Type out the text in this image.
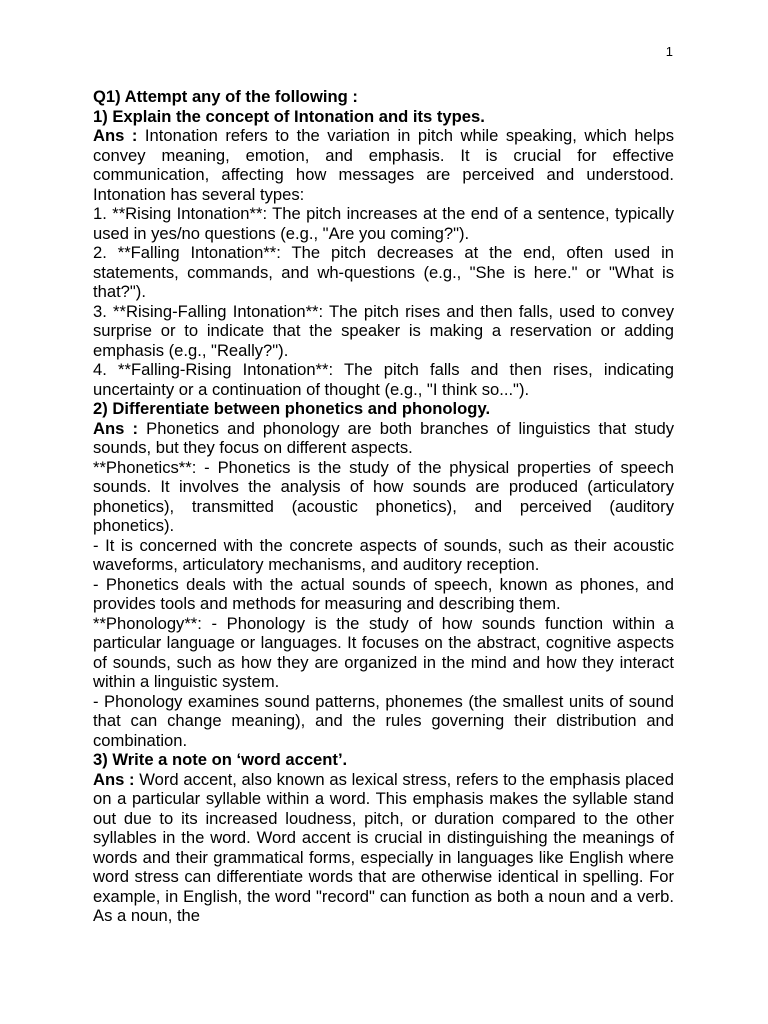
1

Q1) Attempt any of the following :

1) Explain the concept of Intonation and its types.

Ans : Intonation refers to the variation in pitch while speaking, which helps convey meaning, emotion, and emphasis. It is crucial for effective communication, affecting how messages are perceived and understood. Intonation has several types:

1. **Rising Intonation**: The pitch increases at the end of a sentence, typically used in yes/no questions (e.g., "Are you coming?").

2. **Falling Intonation**: The pitch decreases at the end, often used in statements, commands, and wh-questions (e.g., "She is here." or "What is that?").

3. **Rising-Falling Intonation**: The pitch rises and then falls, used to convey surprise or to indicate that the speaker is making a reservation or adding emphasis (e.g., "Really?").

4. **Falling-Rising Intonation**: The pitch falls and then rises, indicating uncertainty or a continuation of thought (e.g., "I think so...").

2) Differentiate between phonetics and phonology.

Ans : Phonetics and phonology are both branches of linguistics that study sounds, but they focus on different aspects.

**Phonetics**: - Phonetics is the study of the physical properties of speech sounds. It involves the analysis of how sounds are produced (articulatory phonetics), transmitted (acoustic phonetics), and perceived (auditory phonetics).

- It is concerned with the concrete aspects of sounds, such as their acoustic waveforms, articulatory mechanisms, and auditory reception.

- Phonetics deals with the actual sounds of speech, known as phones, and provides tools and methods for measuring and describing them.

**Phonology**: - Phonology is the study of how sounds function within a particular language or languages. It focuses on the abstract, cognitive aspects of sounds, such as how they are organized in the mind and how they interact within a linguistic system.

- Phonology examines sound patterns, phonemes (the smallest units of sound that can change meaning), and the rules governing their distribution and combination.

3) Write a note on ‘word accent’.

Ans : Word accent, also known as lexical stress, refers to the emphasis placed on a particular syllable within a word. This emphasis makes the syllable stand out due to its increased loudness, pitch, or duration compared to the other syllables in the word. Word accent is crucial in distinguishing the meanings of words and their grammatical forms, especially in languages like English where word stress can differentiate words that are otherwise identical in spelling. For example, in English, the word "record" can function as both a noun and a verb. As a noun, the
